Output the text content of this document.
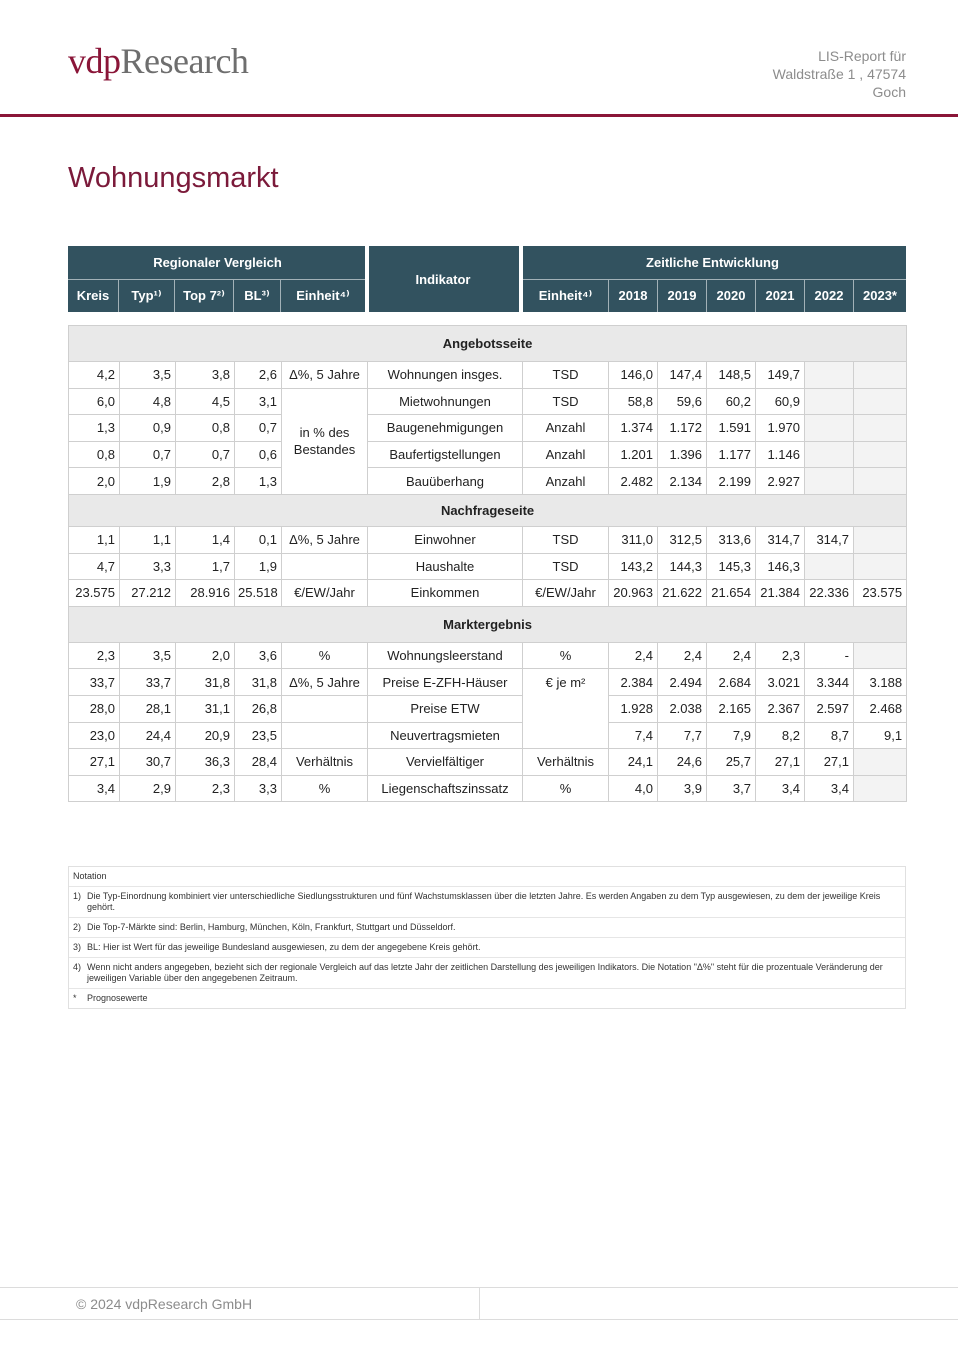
vdpResearch	LIS-Report für
Waldstraße 1 , 47574
Goch
Wohnungsmarkt
Regionaler Vergleich
Indikator
Zeitliche Entwicklung
Kreis	Typ¹⁾	Top 7²⁾	BL³⁾	Einheit⁴⁾	Einheit⁴⁾	2018	2019	2020	2021	2022	2023*
Angebotsseite												
4,2	3,5	3,8	2,6	Δ%, 5 Jahre	Wohnungen insges.	TSD	146,0	147,4	148,5	149,7		
6,0	4,8	4,5	3,1	in % des Bestandes	Mietwohnungen	TSD	58,8	59,6	60,2	60,9		
1,3	0,9	0,8	0,7		Baugenehmigungen	Anzahl	1.374	1.172	1.591	1.970		
0,8	0,7	0,7	0,6		Baufertigstellungen	Anzahl	1.201	1.396	1.177	1.146		
2,0	1,9	2,8	1,3		Bauüberhang	Anzahl	2.482	2.134	2.199	2.927		
Nachfrageseite												
1,1	1,1	1,4	0,1	Δ%, 5 Jahre	Einwohner	TSD	311,0	312,5	313,6	314,7	314,7	
4,7	3,3	1,7	1,9		Haushalte	TSD	143,2	144,3	145,3	146,3		
23.575	27.212	28.916	25.518	€/EW/Jahr	Einkommen	€/EW/Jahr	20.963	21.622	21.654	21.384	22.336	23.575
Marktergebnis												
2,3	3,5	2,0	3,6	%	Wohnungsleerstand	%	2,4	2,4	2,4	2,3	-	
33,7	33,7	31,8	31,8	Δ%, 5 Jahre	Preise E-ZFH-Häuser	€ je m²	2.384	2.494	2.684	3.021	3.344	3.188
28,0	28,1	31,1	26,8		Preise ETW		1.928	2.038	2.165	2.367	2.597	2.468
23,0	24,4	20,9	23,5		Neuvertragsmieten		7,4	7,7	7,9	8,2	8,7	9,1
27,1	30,7	36,3	28,4	Verhältnis	Vervielfältiger	Verhältnis	24,1	24,6	25,7	27,1	27,1	
3,4	2,9	2,3	3,3	%	Liegenschaftszinssatz	%	4,0	3,9	3,7	3,4	3,4	
Notation
1) Die Typ-Einordnung kombiniert vier unterschiedliche Siedlungsstrukturen und fünf Wachstumsklassen über die letzten Jahre. Es werden Angaben zu dem Typ ausgewiesen, zu dem der jeweilige Kreis gehört.
2) Die Top-7-Märkte sind: Berlin, Hamburg, München, Köln, Frankfurt, Stuttgart und Düsseldorf.
3) BL: Hier ist Wert für das jeweilige Bundesland ausgewiesen, zu dem der angegebene Kreis gehört.
4) Wenn nicht anders angegeben, bezieht sich der regionale Vergleich auf das letzte Jahr der zeitlichen Darstellung des jeweiligen Indikators. Die Notation "Δ%" steht für die prozentuale Veränderung der jeweiligen Variable über den angegebenen Zeitraum.
*	Prognosewerte
© 2024 vdpResearch GmbH
